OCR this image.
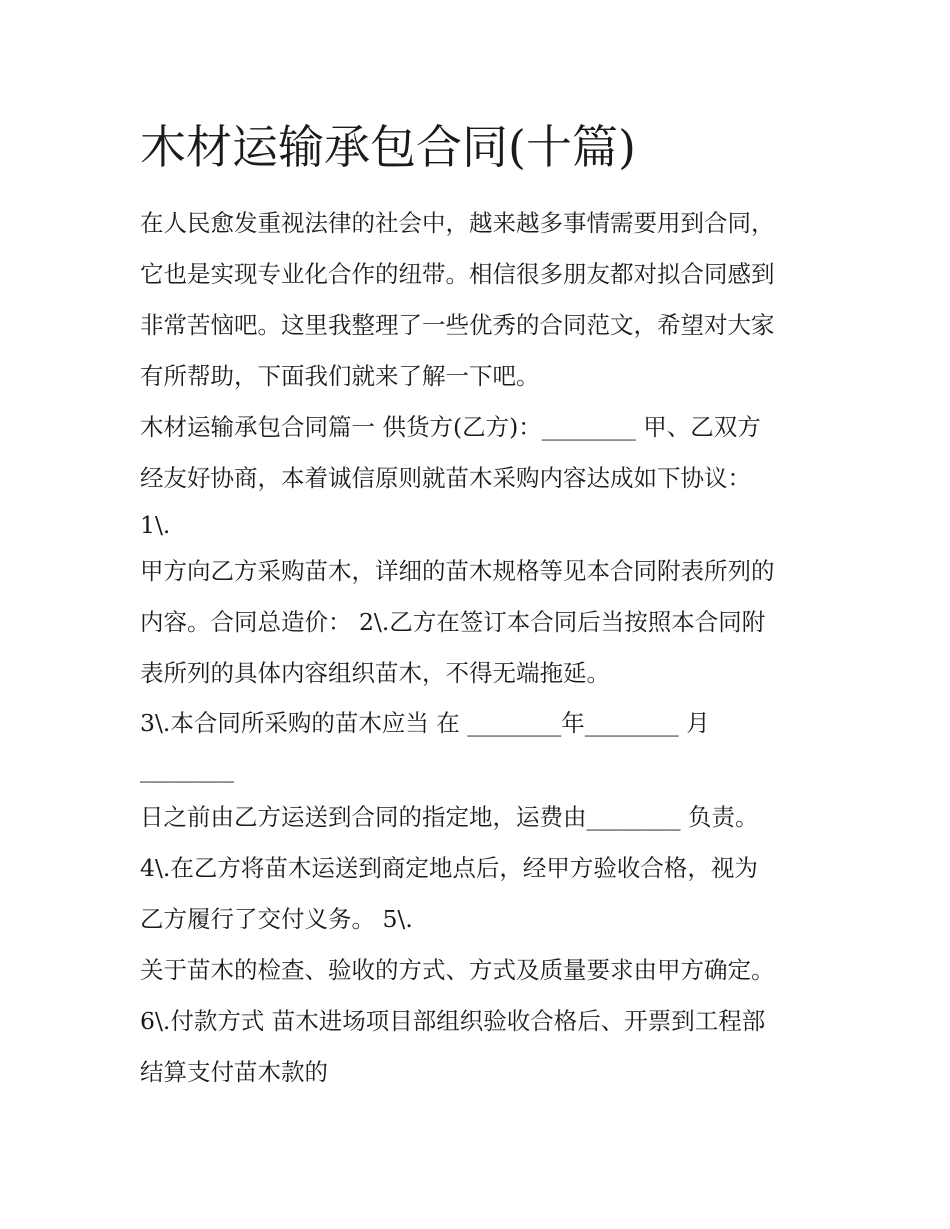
木材运输承包合同(十篇)

在人民愈发重视法律的社会中，越来越多事情需要用到合同，

它也是实现专业化合作的纽带。相信很多朋友都对拟合同感到

非常苦恼吧。这里我整理了一些优秀的合同范文，希望对大家

有所帮助，下面我们就来了解一下吧。

木材运输承包合同篇一 供货方(乙方)：________ 甲、乙双方

经友好协商，本着诚信原则就苗木采购内容达成如下协议：

1\.

甲方向乙方采购苗木，详细的苗木规格等见本合同附表所列的

内容。合同总造价： 2\.乙方在签订本合同后当按照本合同附

表所列的具体内容组织苗木，不得无端拖延。

3\.本合同所采购的苗木应当 在 ________年________ 月

________

日之前由乙方运送到合同的指定地，运费由________ 负责。

4\.在乙方将苗木运送到商定地点后，经甲方验收合格，视为

乙方履行了交付义务。 5\.

关于苗木的检查、验收的方式、方式及质量要求由甲方确定。

6\.付款方式 苗木进场项目部组织验收合格后、开票到工程部

结算支付苗木款的
